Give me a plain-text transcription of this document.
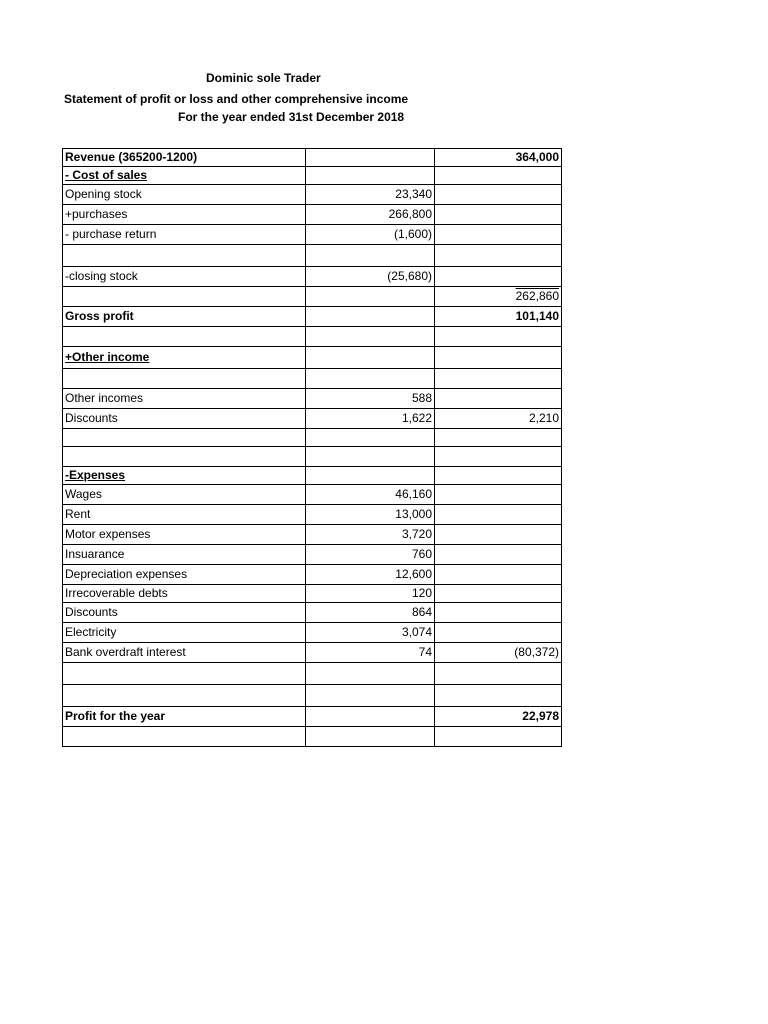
Dominic sole Trader
Statement of profit or loss and other comprehensive income
For the year ended 31st December 2018
Revenue (365200-1200)		364,000
- Cost of sales		
Opening stock	23,340	
+purchases	266,800	
- purchase return	(1,600)	

-closing stock	(25,680)	
		262,860
Gross profit		101,140

+Other income		

Other incomes	588	
Discounts	1,622	2,210

-Expenses		
Wages	46,160	
Rent	13,000	
Motor expenses	3,720	
Insuarance	760	
Depreciation expenses	12,600	
Irrecoverable debts	120	
Discounts	864	
Electricity	3,074	
Bank overdraft interest	74	(80,372)

Profit for the year		22,978
